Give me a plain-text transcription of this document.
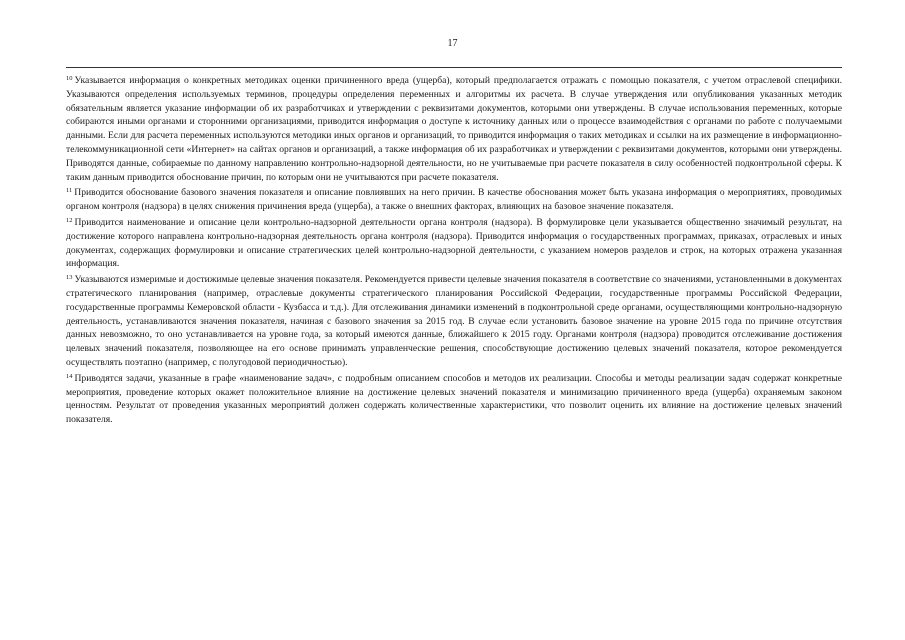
17

$^{10}$ Указывается информация о конкретных методиках оценки причиненного вреда (ущерба), который предполагается отражать с помощью показателя, с учетом отраслевой специфики. Указываются определения используемых терминов, процедуры определения переменных и алгоритмы их расчета. В случае утверждения или опубликования указанных методик обязательным является указание информации об их разработчиках и утверждении с реквизитами документов, которыми они утверждены. В случае использования переменных, которые собираются иными органами и сторонними организациями, приводится информация о доступе к источнику данных или о процессе взаимодействия с органами по работе с получаемыми данными. Если для расчета переменных используются методики иных органов и организаций, то приводится информация о таких методиках и ссылки на их размещение в информационно-телекоммуникационной сети «Интернет» на сайтах органов и организаций, а также информация об их разработчиках и утверждении с реквизитами документов, которыми они утверждены. Приводятся данные, собираемые по данному направлению контрольно-надзорной деятельности, но не учитываемые при расчете показателя в силу особенностей подконтрольной сферы. К таким данным приводится обоснование причин, по которым они не учитываются при расчете показателя.

$^{11}$ Приводится обоснование базового значения показателя и описание повлиявших на него причин. В качестве обоснования может быть указана информация о мероприятиях, проводимых органом контроля (надзора) в целях снижения причинения вреда (ущерба), а также о внешних факторах, влияющих на базовое значение показателя.

$^{12}$ Приводится наименование и описание цели контрольно-надзорной деятельности органа контроля (надзора). В формулировке цели указывается общественно значимый результат, на достижение которого направлена контрольно-надзорная деятельность органа контроля (надзора). Приводится информация о государственных программах, приказах, отраслевых и иных документах, содержащих формулировки и описание стратегических целей контрольно-надзорной деятельности, с указанием номеров разделов и строк, на которых отражена указанная информация.

$^{13}$ Указываются измеримые и достижимые целевые значения показателя. Рекомендуется привести целевые значения показателя в соответствие со значениями, установленными в документах стратегического планирования (например, отраслевые документы стратегического планирования Российской Федерации, государственные программы Российской Федерации, государственные программы Кемеровской области - Кузбасса и т.д.). Для отслеживания динамики изменений в подконтрольной среде органами, осуществляющими контрольно-надзорную деятельность, устанавливаются значения показателя, начиная с базового значения за 2015 год. В случае если установить базовое значение на уровне 2015 года по причине отсутствия данных невозможно, то оно устанавливается на уровне года, за который имеются данные, ближайшего к 2015 году. Органами контроля (надзора) проводится отслеживание достижения целевых значений показателя, позволяющее на его основе принимать управленческие решения, способствующие достижению целевых значений показателя, которое рекомендуется осуществлять поэтапно (например, с полугодовой периодичностью).

$^{14}$ Приводятся задачи, указанные в графе «наименование задач», с подробным описанием способов и методов их реализации. Способы и методы реализации задач содержат конкретные мероприятия, проведение которых окажет положительное влияние на достижение целевых значений показателя и минимизацию причиненного вреда (ущерба) охраняемым законом ценностям. Результат от проведения указанных мероприятий должен содержать количественные характеристики, что позволит оценить их влияние на достижение целевых значений показателя.
